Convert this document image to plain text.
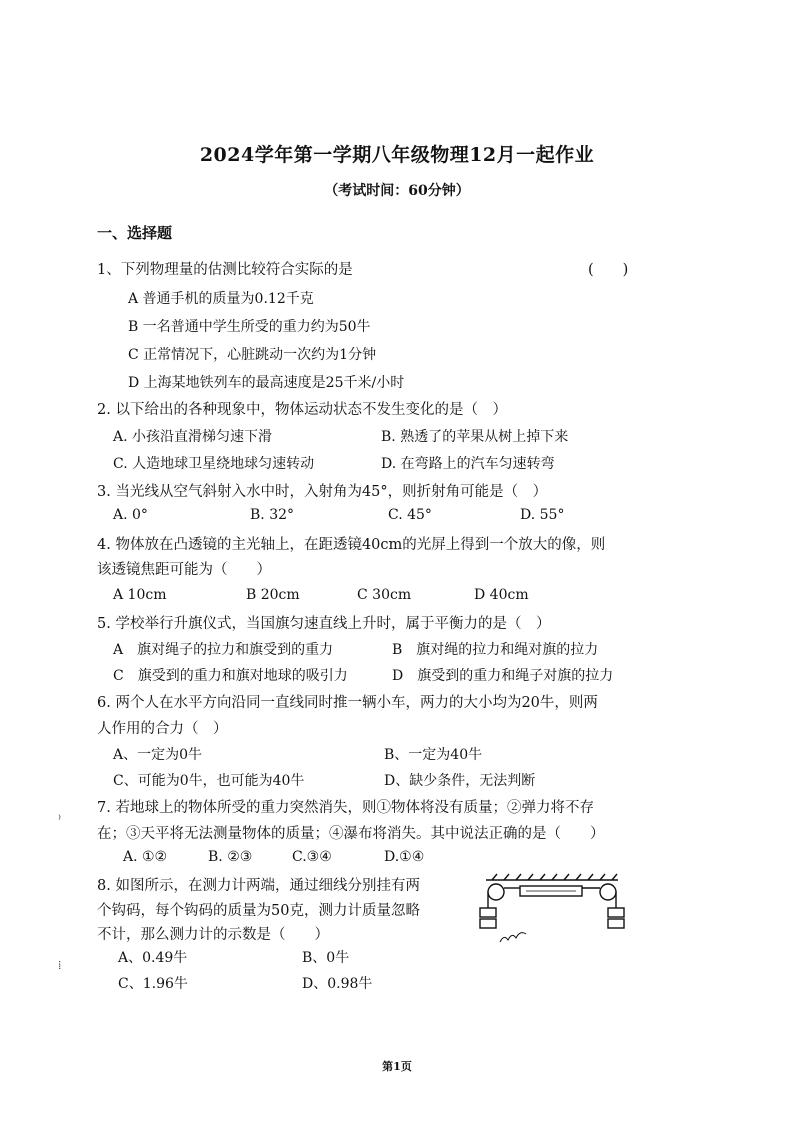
2024学年第一学期八年级物理12月一起作业
（考试时间：60分钟）
一、选择题
1、下列物理量的估测比较符合实际的是	(　　)
A 普通手机的质量为0.12千克
B 一名普通中学生所受的重力约为50牛
C 正常情况下，心脏跳动一次约为1分钟
D 上海某地铁列车的最高速度是25千米/小时
2. 以下给出的各种现象中，物体运动状态不发生变化的是（　）
A. 小孩沿直滑梯匀速下滑	B. 熟透了的苹果从树上掉下来
C. 人造地球卫星绕地球匀速转动	D. 在弯路上的汽车匀速转弯
3. 当光线从空气斜射入水中时，入射角为45°，则折射角可能是（　）
A. 0°	B. 32°	C. 45°	D. 55°
4. 物体放在凸透镜的主光轴上，在距透镜40cm的光屏上得到一个放大的像，则
该透镜焦距可能为（　　）
A 10cm	B 20cm	C 30cm	D 40cm
5. 学校举行升旗仪式，当国旗匀速直线上升时，属于平衡力的是（　）
A　旗对绳子的拉力和旗受到的重力	B　旗对绳的拉力和绳对旗的拉力
C　旗受到的重力和旗对地球的吸引力	D　旗受到的重力和绳子对旗的拉力
6. 两个人在水平方向沿同一直线同时推一辆小车，两力的大小均为20牛，则两
人作用的合力（　）
A、一定为0牛	B、一定为40牛
C、可能为0牛，也可能为40牛	D、缺少条件，无法判断
7. 若地球上的物体所受的重力突然消失，则①物体将没有质量；②弹力将不存
在；③天平将无法测量物体的质量；④瀑布将消失。其中说法正确的是（　　）
A. ①②	B. ②③	C.③④	D.①④
8. 如图所示，在测力计两端，通过细线分别挂有两
个钩码，每个钩码的质量为50克，测力计质量忽略
不计，那么测力计的示数是（　　）
A、0.49牛	B、0牛
C、1.96牛	D、0.98牛
⁾
⁞
第1页
